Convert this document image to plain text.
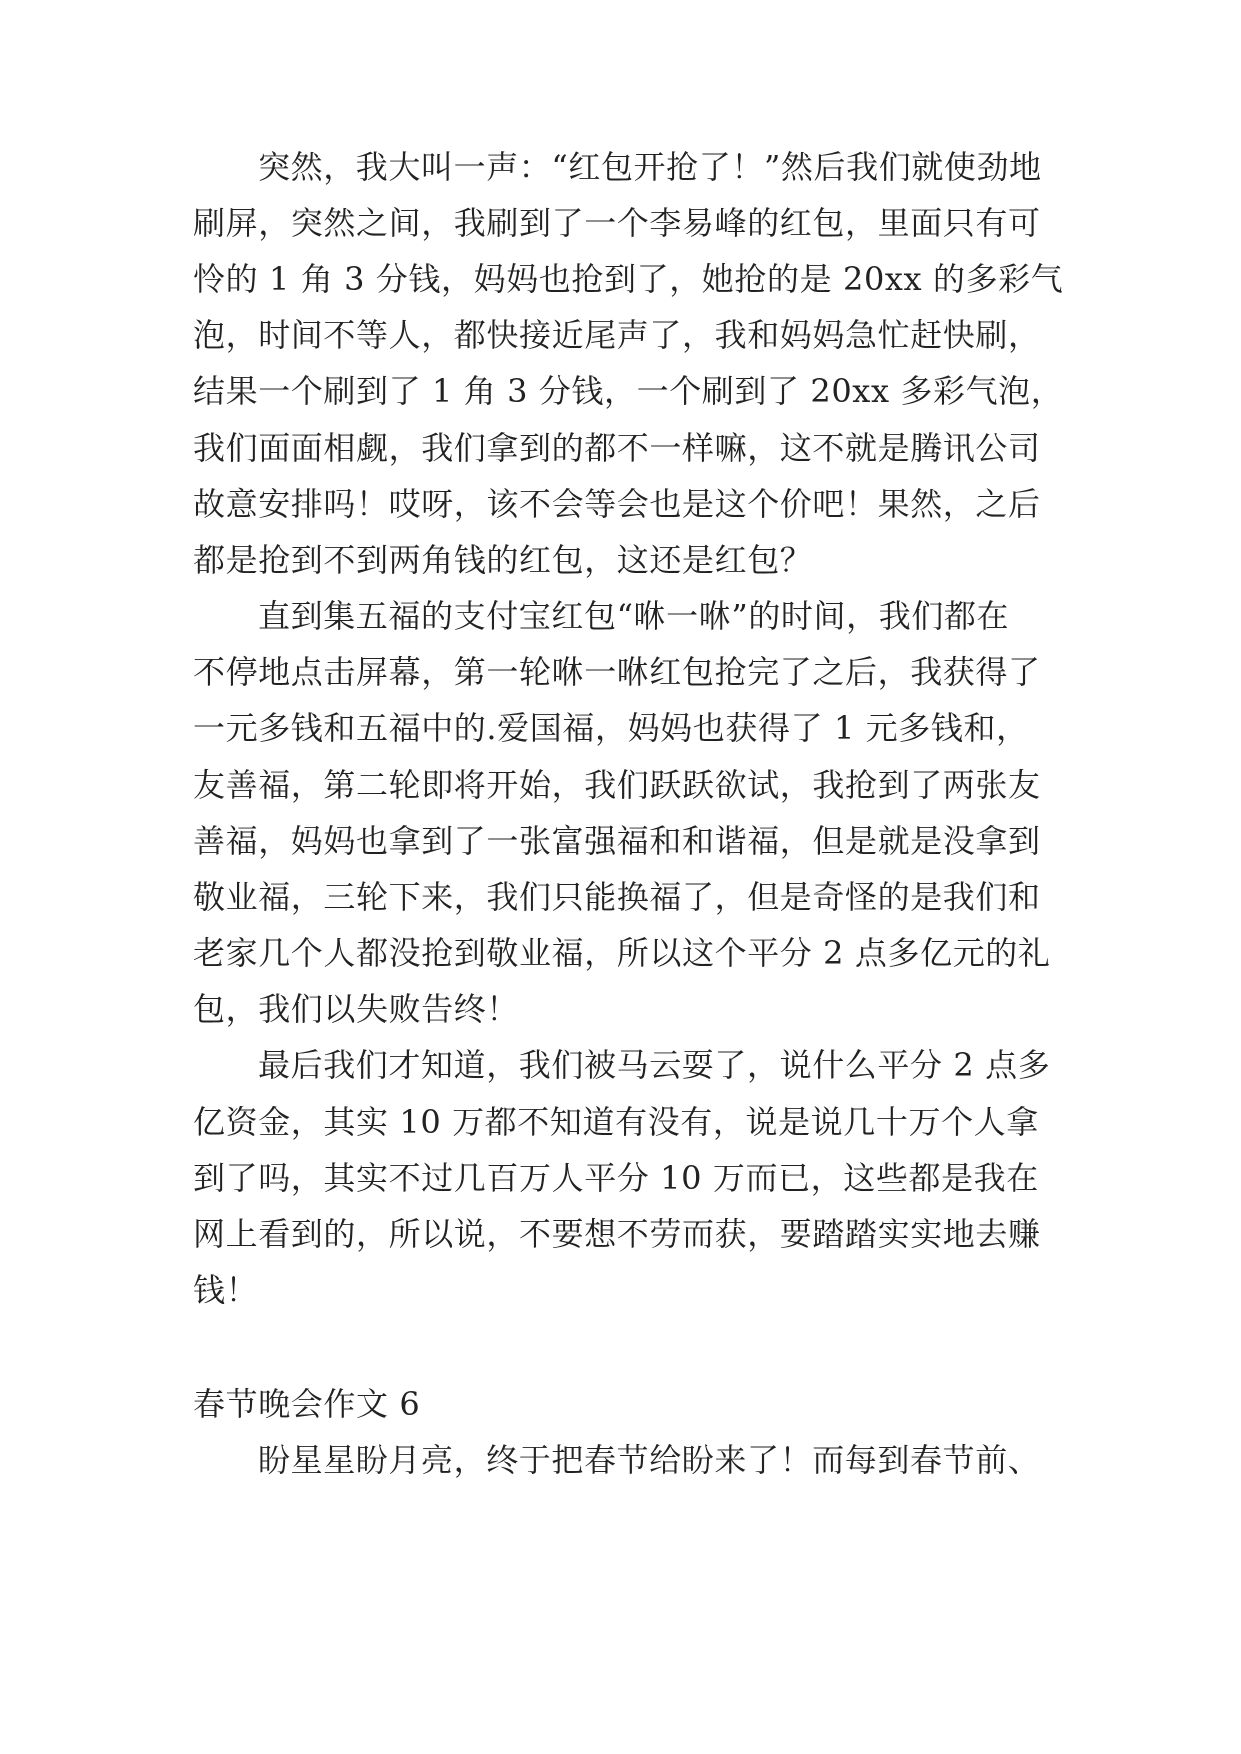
突然，我大叫一声：“红包开抢了！”然后我们就使劲地
刷屏，突然之间，我刷到了一个李易峰的红包，里面只有可
怜的 1 角 3 分钱，妈妈也抢到了，她抢的是 20xx 的多彩气
泡，时间不等人，都快接近尾声了，我和妈妈急忙赶快刷，
结果一个刷到了 1 角 3 分钱，一个刷到了 20xx 多彩气泡，
我们面面相觑，我们拿到的都不一样嘛，这不就是腾讯公司
故意安排吗！哎呀，该不会等会也是这个价吧！果然，之后
都是抢到不到两角钱的红包，这还是红包？
直到集五福的支付宝红包“咻一咻”的时间，我们都在
不停地点击屏幕，第一轮咻一咻红包抢完了之后，我获得了
一元多钱和五福中的.爱国福，妈妈也获得了 1 元多钱和，
友善福，第二轮即将开始，我们跃跃欲试，我抢到了两张友
善福，妈妈也拿到了一张富强福和和谐福，但是就是没拿到
敬业福，三轮下来，我们只能换福了，但是奇怪的是我们和
老家几个人都没抢到敬业福，所以这个平分 2 点多亿元的礼
包，我们以失败告终！
最后我们才知道，我们被马云耍了，说什么平分 2 点多
亿资金，其实 10 万都不知道有没有，说是说几十万个人拿
到了吗，其实不过几百万人平分 10 万而已，这些都是我在
网上看到的，所以说，不要想不劳而获，要踏踏实实地去赚
钱！
春节晚会作文 6
盼星星盼月亮，终于把春节给盼来了！而每到春节前、
